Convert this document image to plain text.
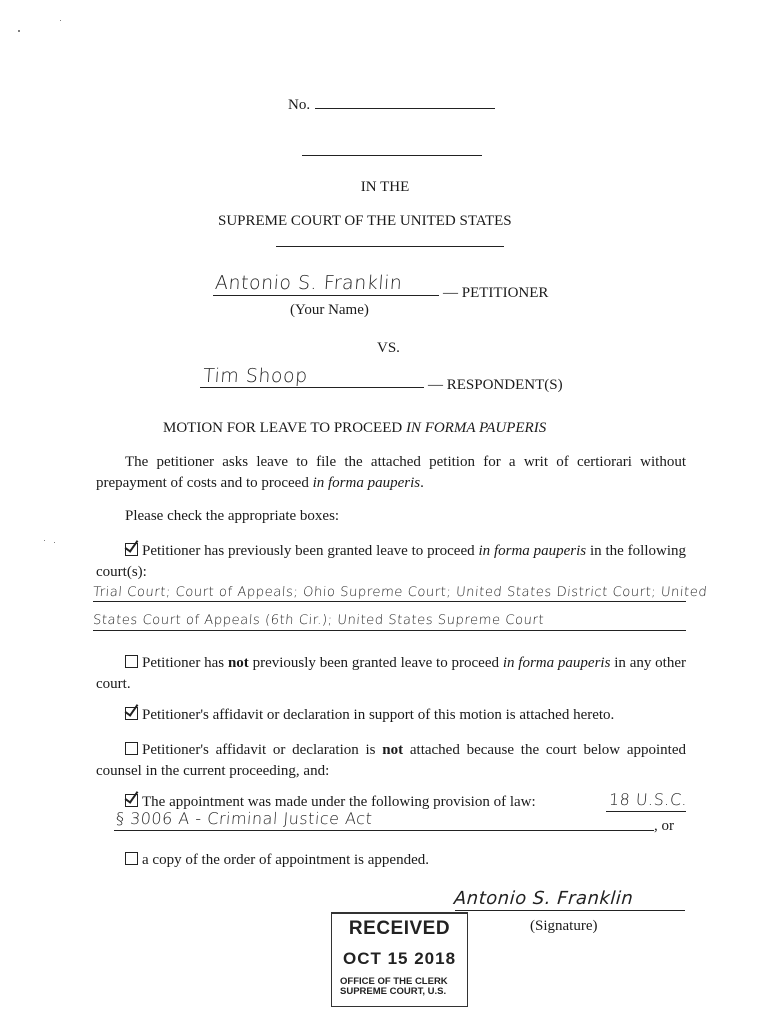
No.
IN THE
SUPREME COURT OF THE UNITED STATES
Antonio S. Franklin	— PETITIONER
(Your Name)
VS.
Tim Shoop	— RESPONDENT(S)
MOTION FOR LEAVE TO PROCEED IN FORMA PAUPERIS
The petitioner asks leave to file the attached petition for a writ of certiorari without prepayment of costs and to proceed in forma pauperis.
Please check the appropriate boxes:
Petitioner has previously been granted leave to proceed in forma pauperis in the following court(s):
Trial Court; Court of Appeals; Ohio Supreme Court; United States District Court; United
States Court of Appeals (6th Cir.); United States Supreme Court
Petitioner has not previously been granted leave to proceed in forma pauperis in any other court.
Petitioner's affidavit or declaration in support of this motion is attached hereto.
Petitioner's affidavit or declaration is not attached because the court below appointed counsel in the current proceeding, and:
The appointment was made under the following provision of law:	18 U.S.C.
§ 3006 A - Criminal Justice Act	, or
a copy of the order of appointment is appended.
Antonio S. Franklin
(Signature)
RECEIVED
OCT 15 2018
OFFICE OF THE CLERK
SUPREME COURT, U.S.
